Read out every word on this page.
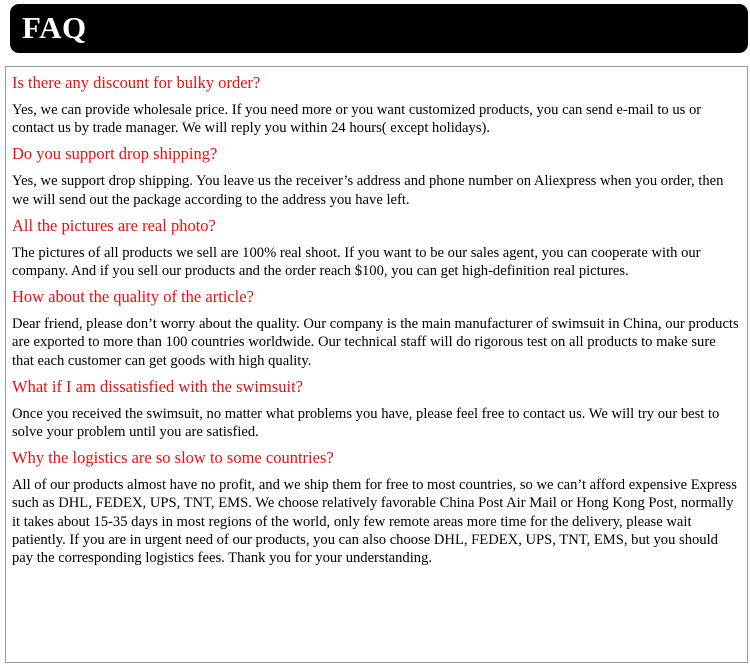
FAQ
Is there any discount for bulky order?
Yes, we can provide wholesale price. If you need more or you want customized products, you can send e-mail to us or contact us by trade manager. We will reply you within 24 hours( except holidays).
Do you support drop shipping?
Yes, we support drop shipping. You leave us the receiver’s address and phone number on Aliexpress when you order, then we will send out the package according to the address you have left.
All the pictures are real photo?
The pictures of all products we sell are 100% real shoot. If you want to be our sales agent, you can cooperate with our company. And if you sell our products and the order reach $100, you can get high-definition real pictures.
How about the quality of the article?
Dear friend, please don’t worry about the quality. Our company is the main manufacturer of swimsuit in China, our products are exported to more than 100 countries worldwide. Our technical staff will do rigorous test on all products to make sure that each customer can get goods with high quality.
What if I am dissatisfied with the swimsuit?
Once you received the swimsuit, no matter what problems you have, please feel free to contact us. We will try our best to solve your problem until you are satisfied.
Why the logistics are so slow to some countries?
All of our products almost have no profit, and we ship them for free to most countries, so we can’t afford expensive Express such as DHL, FEDEX, UPS, TNT, EMS. We choose relatively favorable China Post Air Mail or Hong Kong Post, normally it takes about 15-35 days in most regions of the world, only few remote areas more time for the delivery, please wait patiently. If you are in urgent need of our products, you can also choose DHL, FEDEX, UPS, TNT, EMS, but you should pay the corresponding logistics fees. Thank you for your understanding.
